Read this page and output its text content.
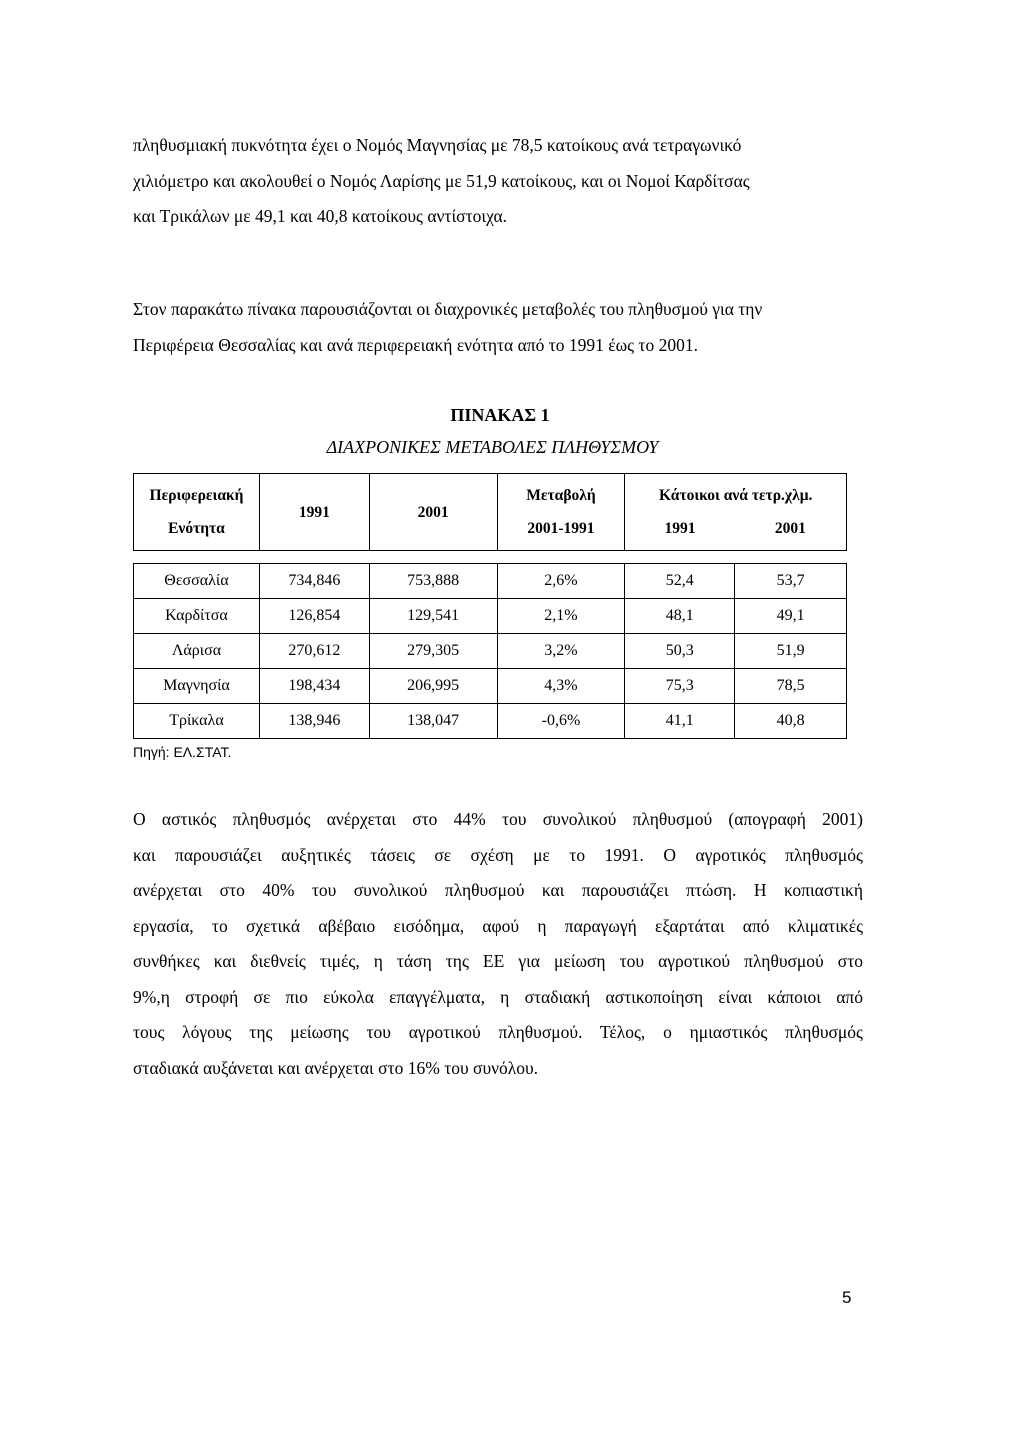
πληθυσμιακή πυκνότητα έχει ο Νομός Μαγνησίας με 78,5 κατοίκους ανά τετραγωνικό
χιλιόμετρο και ακολουθεί ο Νομός Λαρίσης με 51,9 κατοίκους, και οι Νομοί Καρδίτσας
και Τρικάλων με 49,1 και 40,8 κατοίκους αντίστοιχα.
Στον παρακάτω πίνακα παρουσιάζονται οι διαχρονικές μεταβολές του πληθυσμού για την
Περιφέρεια Θεσσαλίας και ανά περιφερειακή ενότητα από το 1991 έως το 2001.

ΠΙΝΑΚΑΣ 1

ΔΙΑΧΡΟΝΙΚΕΣ ΜΕΤΑΒΟΛΕΣ ΠΛΗΘΥΣΜΟΥ

Περιφερειακή	1991	2001	Μεταβολή	Κάτοικοι ανά τετρ.χλμ.	
Ενότητα			2001-1991	1991	2001

Θεσσαλία	734,846	753,888	2,6%	52,4	53,7
Καρδίτσα	126,854	129,541	2,1%	48,1	49,1
Λάρισα	270,612	279,305	3,2%	50,3	51,9
Μαγνησία	198,434	206,995	4,3%	75,3	78,5
Τρίκαλα	138,946	138,047	-0,6%	41,1	40,8

Πηγή: ΕΛ.ΣΤΑΤ.

Ο αστικός πληθυσμός ανέρχεται στο 44% του συνολικού πληθυσμού (απογραφή 2001)
και παρουσιάζει αυξητικές τάσεις σε σχέση με το 1991. Ο αγροτικός πληθυσμός
ανέρχεται στο 40% του συνολικού πληθυσμού και παρουσιάζει πτώση. Η κοπιαστική
εργασία, το σχετικά αβέβαιο εισόδημα, αφού η παραγωγή εξαρτάται από κλιματικές
συνθήκες και διεθνείς τιμές, η τάση της ΕΕ για μείωση του αγροτικού πληθυσμού στο
9%,η στροφή σε πιο εύκολα επαγγέλματα, η σταδιακή αστικοποίηση είναι κάποιοι από
τους λόγους της μείωσης του αγροτικού πληθυσμού. Τέλος, ο ημιαστικός πληθυσμός
σταδιακά αυξάνεται και ανέρχεται στο 16% του συνόλου.

5
